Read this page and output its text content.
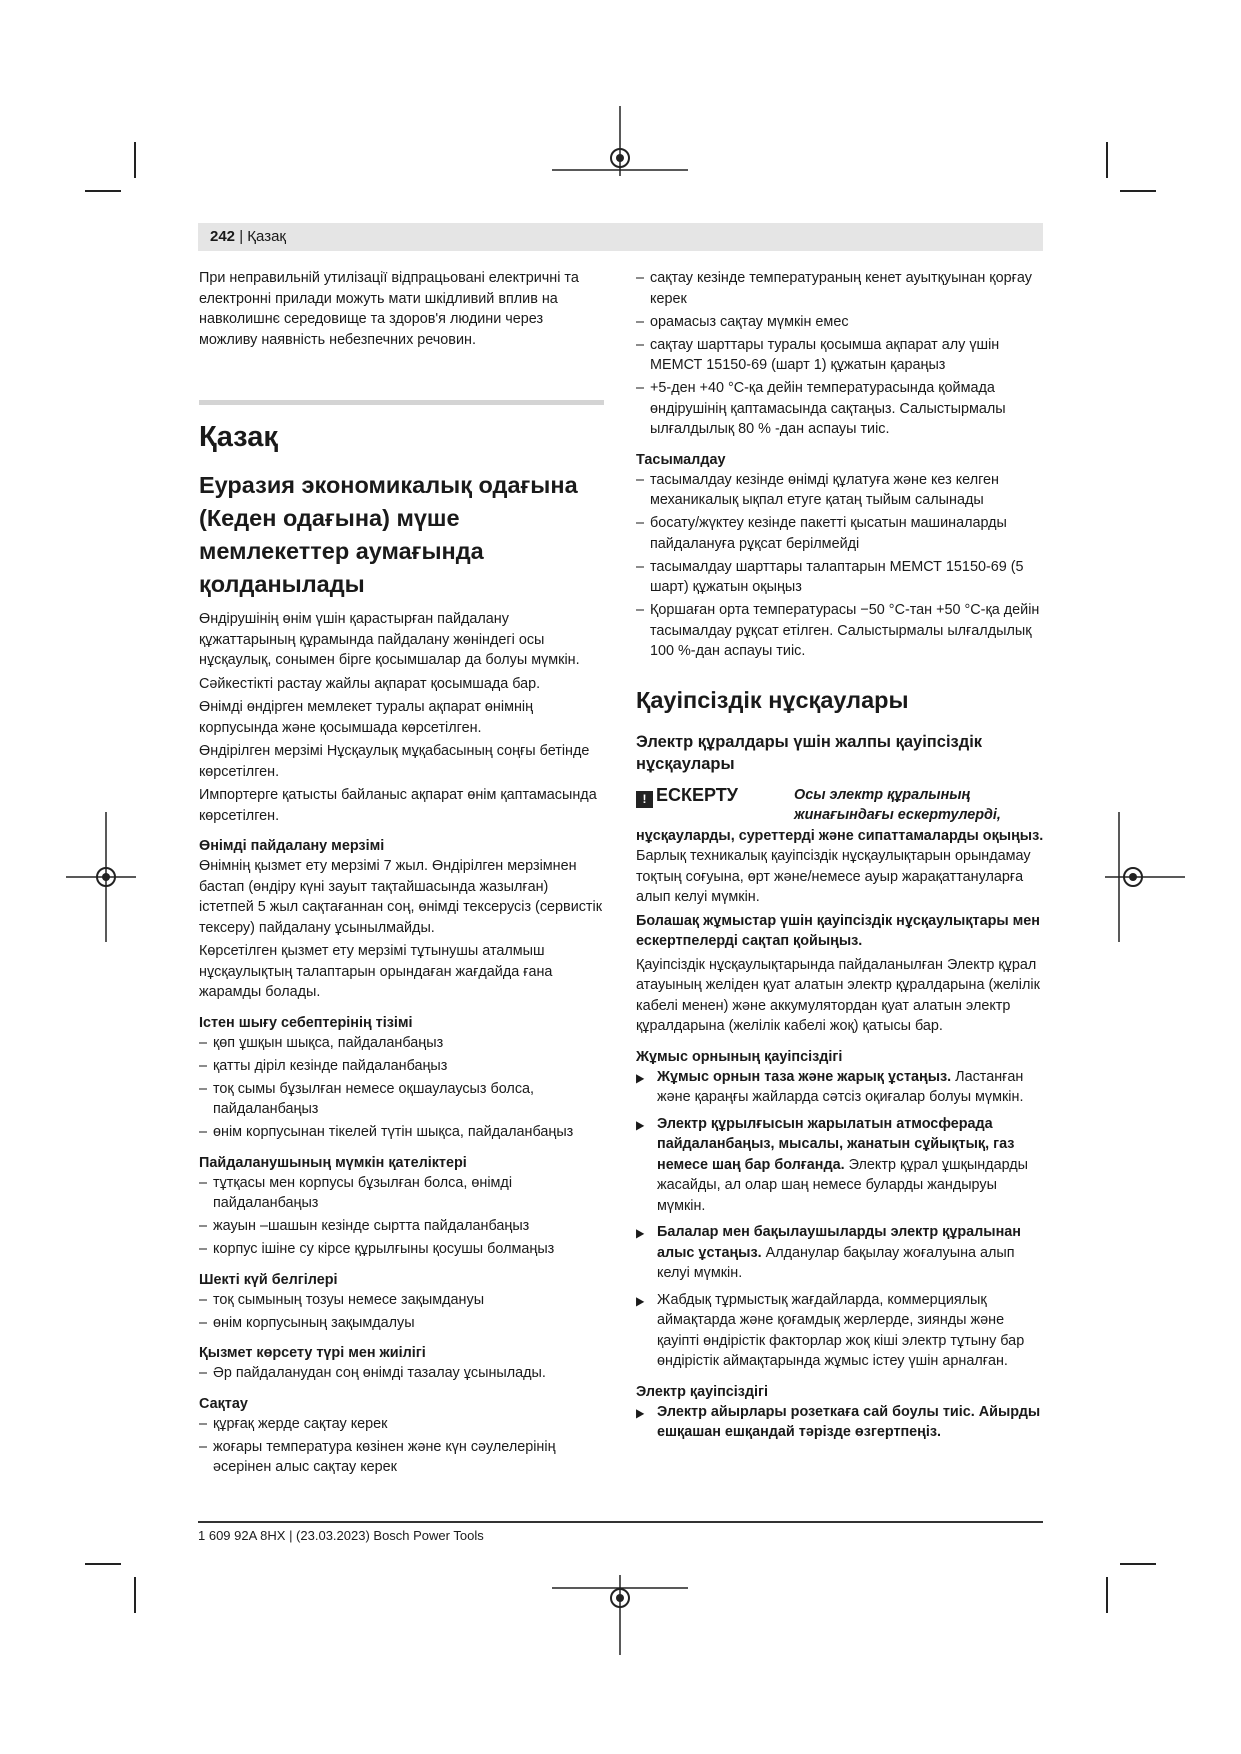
242 | Қазақ

При неправильній утилізації відпрацьовані електричні та електронні прилади можуть мати шкідливий вплив на навколишнє середовище та здоров'я людини через можливу наявність небезпечних речовин.

Қазақ
Еуразия экономикалық одағына (Кеден одағына) мүше мемлекеттер аумағында қолданылады

Өндірушінің өнім үшін қарастырған пайдалану құжаттарының құрамында пайдалану жөніндегі осы нұсқаулық, сонымен бірге қосымшалар да болуы мүмкін.

Сәйкестікті растау жайлы ақпарат қосымшада бар.

Өнімді өндірген мемлекет туралы ақпарат өнімнің корпусында және қосымшада көрсетілген.

Өндірілген мерзімі Нұсқаулық мұқабасының соңғы бетінде көрсетілген.

Импортерге қатысты байланыс ақпарат өнім қаптамасында көрсетілген.

Өнімді пайдалану мерзімі

Өнімнің қызмет ету мерзімі 7 жыл. Өндірілген мерзімнен бастап (өндіру күні зауыт тақтайшасында жазылған) істетпей 5 жыл сақтағаннан соң, өнімді тексерусіз (сервистік тексеру) пайдалану ұсынылмайды.

Көрсетілген қызмет ету мерзімі тұтынушы аталмыш нұсқаулықтың талаптарын орындаған жағдайда ғана жарамды болады.

Істен шығу себептерінің тізімі
– қөп ұшқын шықса, пайдаланбаңыз
– қатты діріл кезінде пайдаланбаңыз
– тоқ сымы бұзылған немесе оқшаулаусыз болса, пайдаланбаңыз
– өнім корпусынан тікелей түтін шықса, пайдаланбаңыз
Пайдаланушының мүмкін қателіктері
– тұтқасы мен корпусы бұзылған болса, өнімді пайдаланбаңыз
– жауын –шашын кезінде сыртта пайдаланбаңыз
– корпус ішіне су кірсе құрылғыны қосушы болмаңыз
Шекті күй белгілері
– тоқ сымының тозуы немесе зақымдануы
– өнім корпусының зақымдалуы
Қызмет көрсету түрі мен жиілігі
– Әр пайдаланудан соң өнімді тазалау ұсынылады.
Сақтау
– құрғақ жерде сақтау керек
– жоғары температура көзінен және күн сәулелерінің әсерінен алыс сақтау керек
– сақтау кезінде температураның кенет ауытқуынан қорғау керек
– орамасыз сақтау мүмкін емес
– сақтау шарттары туралы қосымша ақпарат алу үшін МЕМСТ 15150-69 (шарт 1) құжатын қараңыз
– +5-ден +40 °C-қа дейін температурасында қоймада өндірушінің қаптамасында сақтаңыз. Салыстырмалы ылғалдылық 80 % -дан аспауы тиіс.
Тасымалдау
– тасымалдау кезінде өнімді құлатуға және кез келген механикалық ықпал етуге қатаң тыйым салынады
– босату/жүктеу кезінде пакетті қысатын машиналарды пайдалануға рұқсат берілмейді
– тасымалдау шарттары талаптарын МЕМСТ 15150-69 (5 шарт) құжатын оқыңыз
– Қоршаған орта температурасы −50 °C-тан +50 °C-қа дейін тасымалдау рұқсат етілген. Салыстырмалы ылғалдылық 100 %-дан аспауы тиіс.
Қауіпсіздік нұсқаулары
Электр құралдары үшін жалпы қауіпсіздік нұсқаулары
! ЕСКЕРТУ	Осы электр құралының жинағындағы ескертулерді,

нұсқауларды, суреттерді және сипаттамаларды оқыңыз. Барлық техникалық қауіпсіздік нұсқаулықтарын орындамау тоқтың соғуына, өрт және/немесе ауыр жарақаттануларға алып келуі мүмкін.

Болашақ жұмыстар үшін қауіпсіздік нұсқаулықтары мен ескертпелерді сақтап қойыңыз.

Қауіпсіздік нұсқаулықтарында пайдаланылған Электр құрал атауының желіден қуат алатын электр құралдарына (желілік кабелі менен) және аккумулятордан қуат алатын электр құралдарына (желілік кабелі жоқ) қатысы бар.

Жұмыс орнының қауіпсіздігі
▶ Жұмыс орнын таза және жарық ұстаңыз. Ластанған және қараңғы жайларда сәтсіз оқиғалар болуы мүмкін.
▶ Электр құрылғысын жарылатын атмосферада пайдаланбаңыз, мысалы, жанатын сұйықтық, газ немесе шаң бар болғанда. Электр құрал ұшқындарды жасайды, ал олар шаң немесе буларды жандыруы мүмкін.
▶ Балалар мен бақылаушыларды электр құралынан алыс ұстаңыз. Алданулар бақылау жоғалуына алып келуі мүмкін.
▶ Жабдық тұрмыстық жағдайларда, коммерциялық аймақтарда және қоғамдық жерлерде, зиянды және қауіпті өндірістік факторлар жоқ кіші электр тұтыну бар өндірістік аймақтарында жұмыс істеу үшін арналған.
Электр қауіпсіздігі
▶ Электр айырлары розеткаға сай боулы тиіс. Айырды ешқашан ешқандай тәрізде өзгертпеңіз.
1 609 92A 8HX | (23.03.2023) Bosch Power Tools
